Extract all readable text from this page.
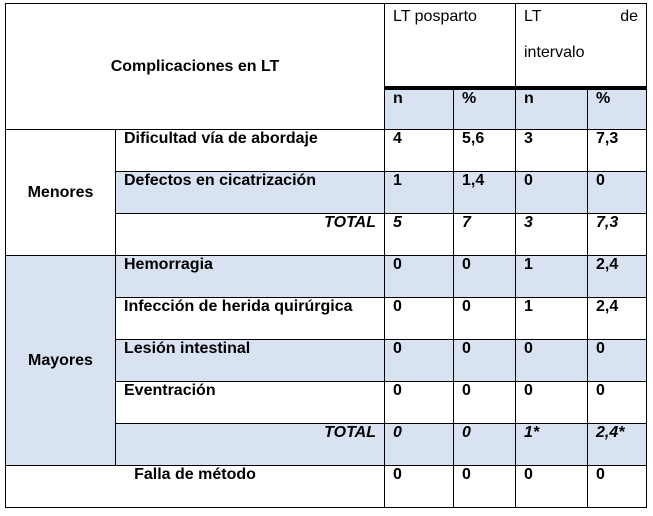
Complicaciones en LT		LT posparto		LT de
intervalo	

		n	%	n	%
Menores	Dificultad vía de abordaje	4	5,6	3	7,3
	Defectos en cicatrización	1	1,4	0	0
	TOTAL	5	7	3	7,3
Mayores	Hemorragia	0	0	1	2,4
	Infección de herida quirúrgica	0	0	1	2,4
	Lesión intestinal	0	0	0	0
	Eventración	0	0	0	0
	TOTAL	0	0	1*	2,4*
Falla de método		0	0	0	0
